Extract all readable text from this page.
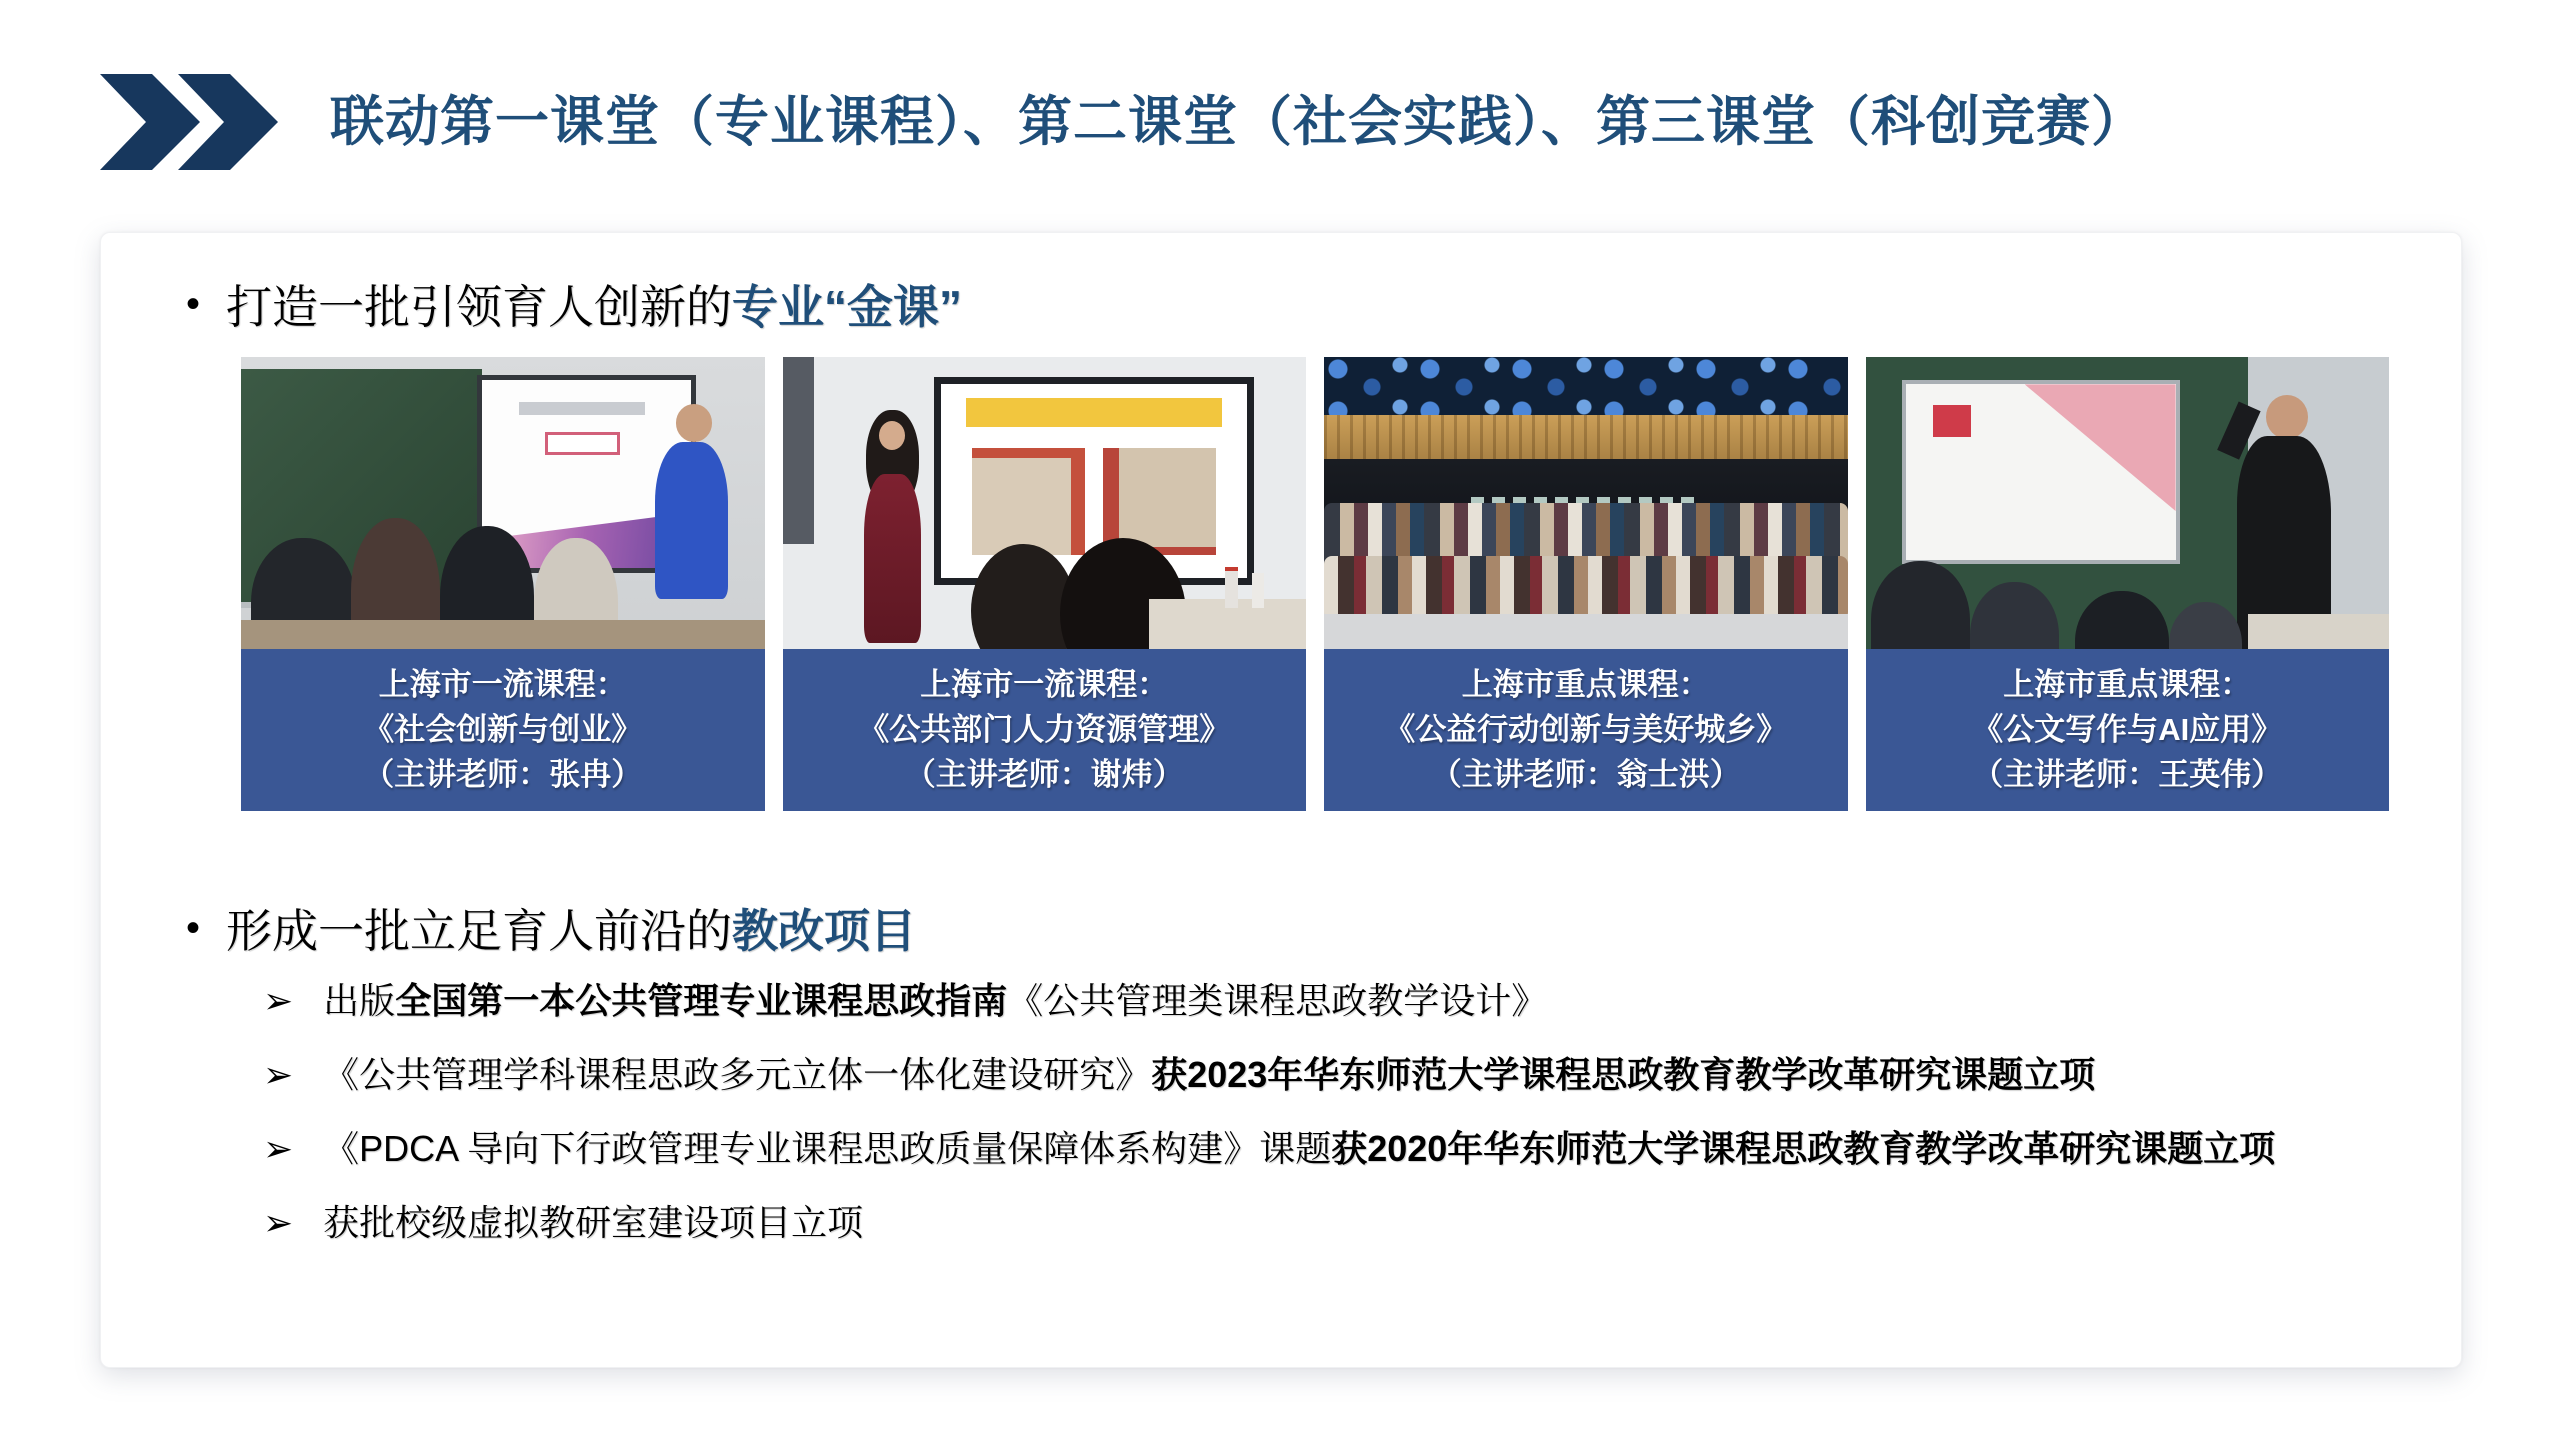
联动第一课堂（专业课程）、第二课堂（社会实践）、第三课堂（科创竞赛）
• 打造一批引领育人创新的专业“金课”
上海市一流课程：
《社会创新与创业》
（主讲老师：张冉）
上海市一流课程：
《公共部门人力资源管理》
（主讲老师：谢炜）
上海市重点课程：
《公益行动创新与美好城乡》
（主讲老师：翁士洪）
上海市重点课程：
《公文写作与AI应用》
（主讲老师：王英伟）
• 形成一批立足育人前沿的教改项目
➢ 出版全国第一本公共管理专业课程思政指南《公共管理类课程思政教学设计》
➢ 《公共管理学科课程思政多元立体一体化建设研究》获2023年华东师范大学课程思政教育教学改革研究课题立项
➢ 《PDCA 导向下行政管理专业课程思政质量保障体系构建》课题获2020年华东师范大学课程思政教育教学改革研究课题立项
➢ 获批校级虚拟教研室建设项目立项
